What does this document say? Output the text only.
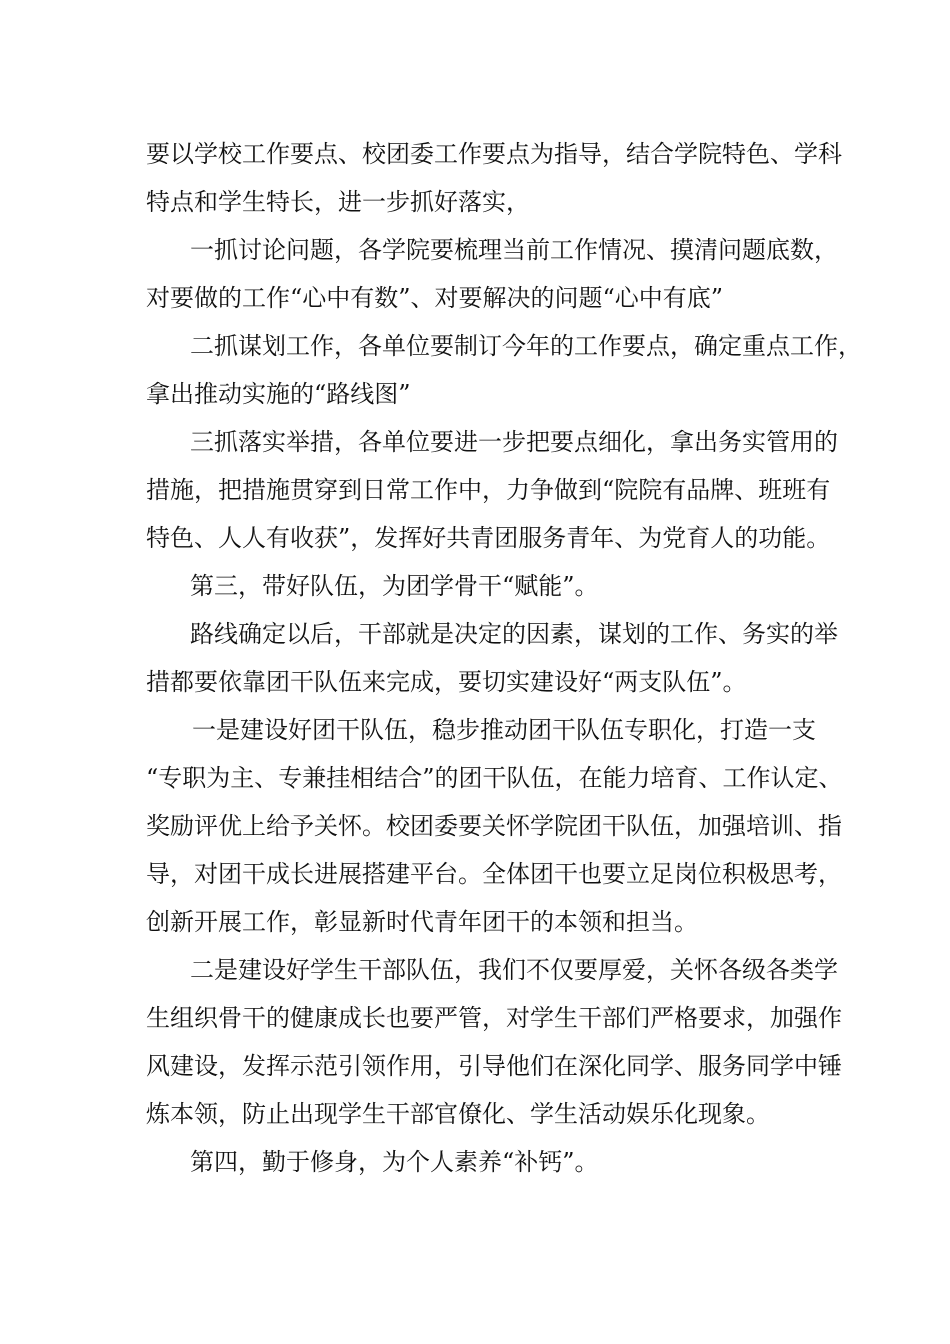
要以学校工作要点、校团委工作要点为指导，结合学院特色、学科
特点和学生特长，进一步抓好落实，
一抓讨论问题，各学院要梳理当前工作情况、摸清问题底数，
对要做的工作“心中有数”、对要解决的问题“心中有底”
二抓谋划工作，各单位要制订今年的工作要点，确定重点工作，
拿出推动实施的“路线图”
三抓落实举措，各单位要进一步把要点细化，拿出务实管用的
措施，把措施贯穿到日常工作中，力争做到“院院有品牌、班班有
特色、人人有收获”，发挥好共青团服务青年、为党育人的功能。
第三，带好队伍，为团学骨干“赋能”。
路线确定以后，干部就是决定的因素，谋划的工作、务实的举
措都要依靠团干队伍来完成，要切实建设好“两支队伍”。
一是建设好团干队伍，稳步推动团干队伍专职化，打造一支
“专职为主、专兼挂相结合”的团干队伍，在能力培育、工作认定、
奖励评优上给予关怀。校团委要关怀学院团干队伍，加强培训、指
导，对团干成长进展搭建平台。全体团干也要立足岗位积极思考，
创新开展工作，彰显新时代青年团干的本领和担当。
二是建设好学生干部队伍，我们不仅要厚爱，关怀各级各类学
生组织骨干的健康成长也要严管，对学生干部们严格要求，加强作
风建设，发挥示范引领作用，引导他们在深化同学、服务同学中锤
炼本领，防止出现学生干部官僚化、学生活动娱乐化现象。
第四，勤于修身，为个人素养“补钙”。
